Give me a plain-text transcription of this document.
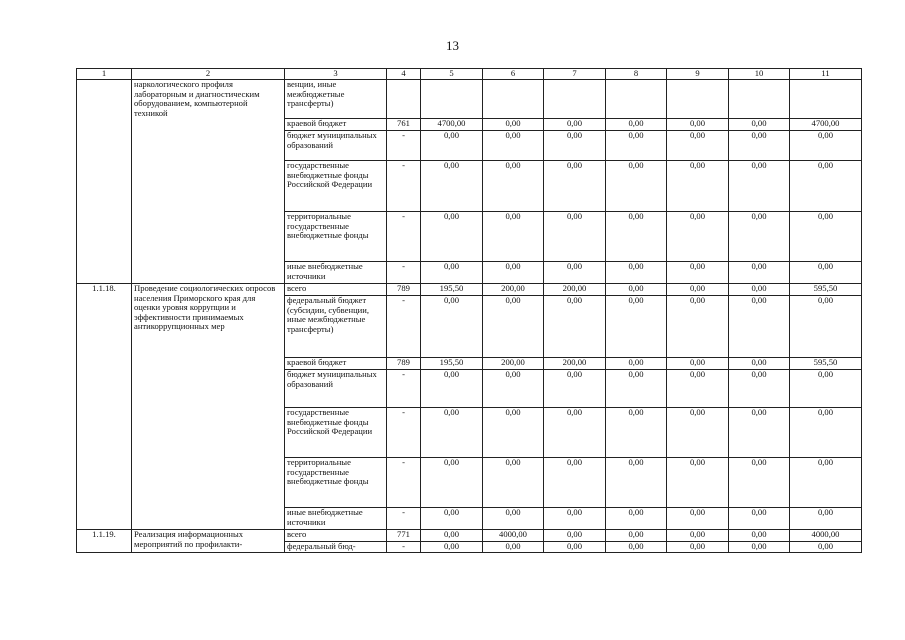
13
1	2	3	4	5	6	7	8	9	10	11
	наркологического профиля лабораторным и диагностическим оборудованием, компьютерной техникой	венции, иные межбюджетные трансферты)								
		краевой бюджет	761	4700,00	0,00	0,00	0,00	0,00	0,00	4700,00
		бюджет муниципальных образований	-	0,00	0,00	0,00	0,00	0,00	0,00	0,00
		государственные внебюджетные фонды Российской Федерации	-	0,00	0,00	0,00	0,00	0,00	0,00	0,00
		территориальные государственные внебюджетные фонды	-	0,00	0,00	0,00	0,00	0,00	0,00	0,00
		иные внебюджетные источники	-	0,00	0,00	0,00	0,00	0,00	0,00	0,00
1.1.18.	Проведение социологических опросов населения Приморского края для оценки уровня коррупции и эффективности принимаемых антикоррупционных мер	всего	789	195,50	200,00	200,00	0,00	0,00	0,00	595,50
		федеральный бюджет (субсидии, субвенции, иные межбюджетные трансферты)	-	0,00	0,00	0,00	0,00	0,00	0,00	0,00
		краевой бюджет	789	195,50	200,00	200,00	0,00	0,00	0,00	595,50
		бюджет муниципальных образований	-	0,00	0,00	0,00	0,00	0,00	0,00	0,00
		государственные внебюджетные фонды Российской Федерации	-	0,00	0,00	0,00	0,00	0,00	0,00	0,00
		территориальные государственные внебюджетные фонды	-	0,00	0,00	0,00	0,00	0,00	0,00	0,00
		иные внебюджетные источники	-	0,00	0,00	0,00	0,00	0,00	0,00	0,00
1.1.19.	Реализация информационных мероприятий по профилакти-	всего	771	0,00	4000,00	0,00	0,00	0,00	0,00	4000,00
		федеральный бюд-	-	0,00	0,00	0,00	0,00	0,00	0,00	0,00
